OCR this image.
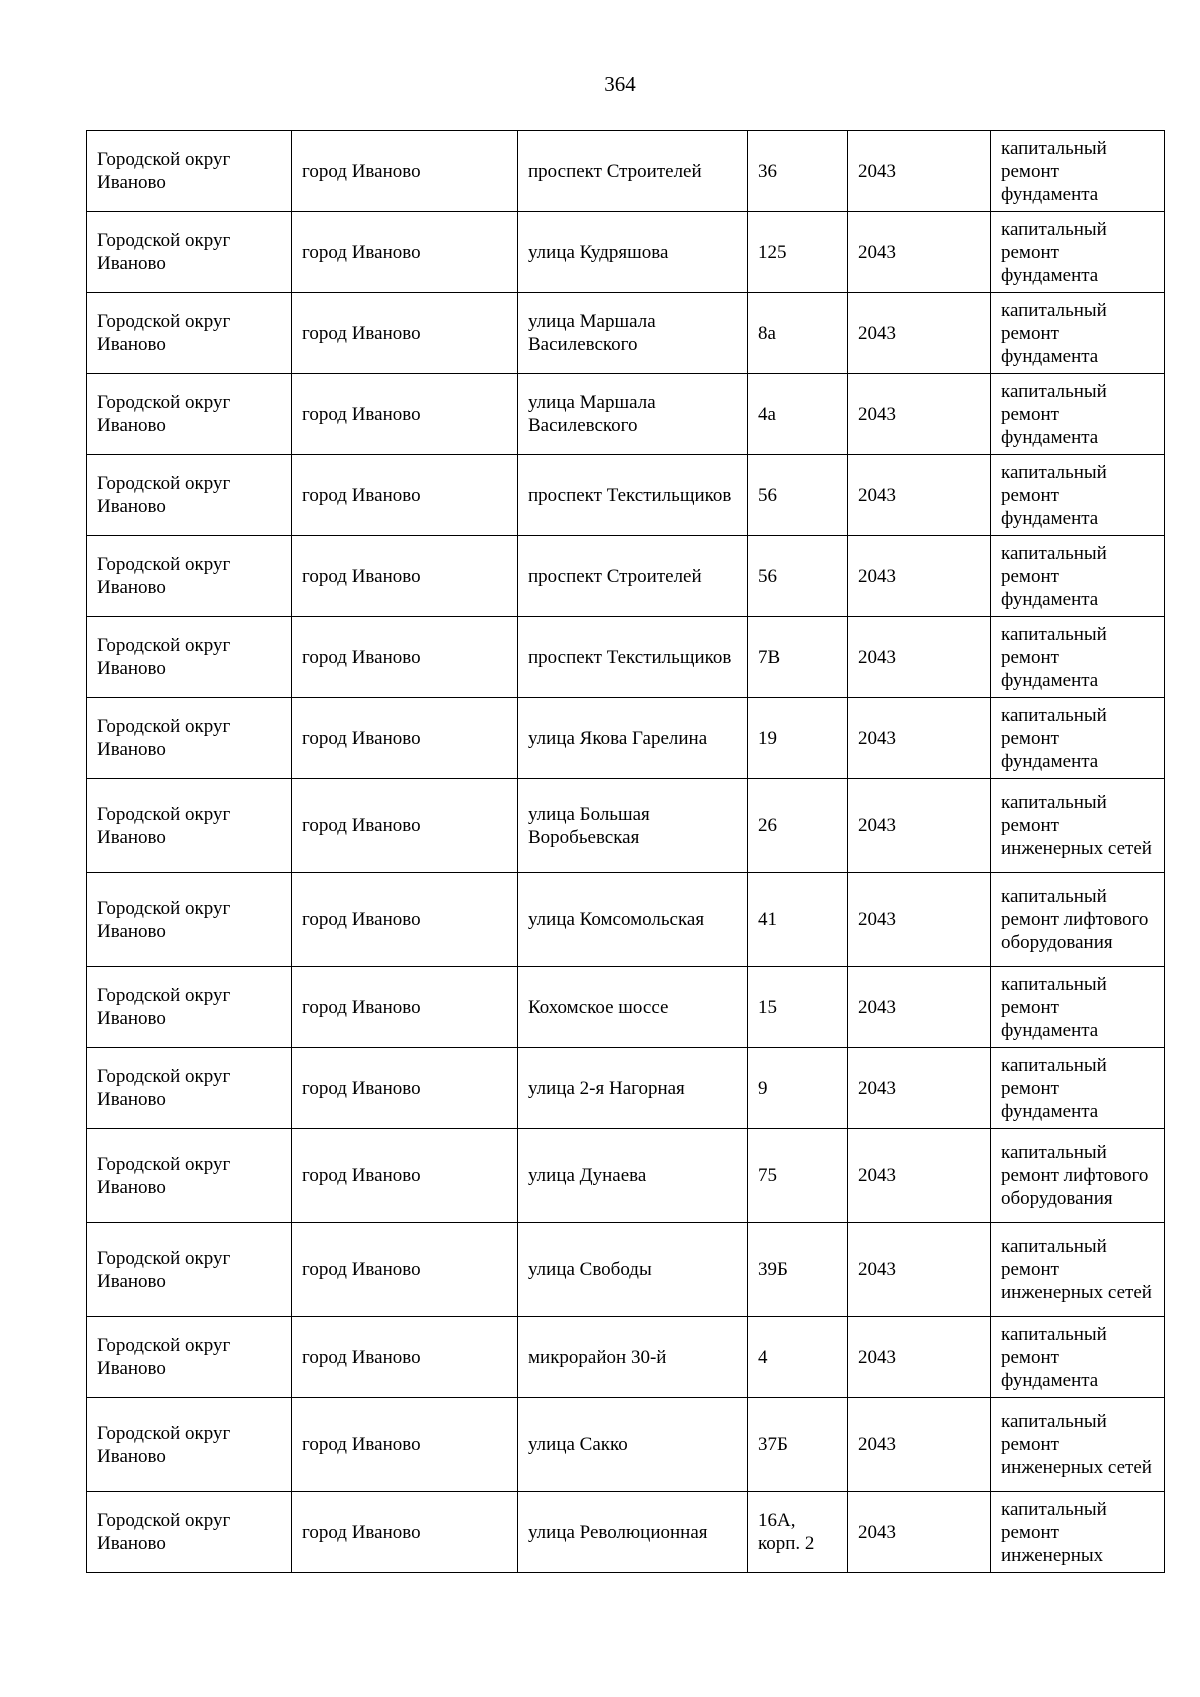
364
Городской округ Иваново	город Иваново	проспект Строителей	36	2043	капитальный ремонт фундамента
Городской округ Иваново	город Иваново	улица Кудряшова	125	2043	капитальный ремонт фундамента
Городской округ Иваново	город Иваново	улица Маршала Василевского	8а	2043	капитальный ремонт фундамента
Городской округ Иваново	город Иваново	улица Маршала Василевского	4а	2043	капитальный ремонт фундамента
Городской округ Иваново	город Иваново	проспект Текстильщиков	56	2043	капитальный ремонт фундамента
Городской округ Иваново	город Иваново	проспект Строителей	56	2043	капитальный ремонт фундамента
Городской округ Иваново	город Иваново	проспект Текстильщиков	7В	2043	капитальный ремонт фундамента
Городской округ Иваново	город Иваново	улица Якова Гарелина	19	2043	капитальный ремонт фундамента
Городской округ Иваново	город Иваново	улица Большая Воробьевская	26	2043	капитальный ремонт инженерных сетей
Городской округ Иваново	город Иваново	улица Комсомольская	41	2043	капитальный ремонт лифтового оборудования
Городской округ Иваново	город Иваново	Кохомское шоссе	15	2043	капитальный ремонт фундамента
Городской округ Иваново	город Иваново	улица 2-я Нагорная	9	2043	капитальный ремонт фундамента
Городской округ Иваново	город Иваново	улица Дунаева	75	2043	капитальный ремонт лифтового оборудования
Городской округ Иваново	город Иваново	улица Свободы	39Б	2043	капитальный ремонт инженерных сетей
Городской округ Иваново	город Иваново	микрорайон 30-й	4	2043	капитальный ремонт фундамента
Городской округ Иваново	город Иваново	улица Сакко	37Б	2043	капитальный ремонт инженерных сетей
Городской округ Иваново	город Иваново	улица Революционная	16А, корп. 2	2043	капитальный ремонт инженерных
